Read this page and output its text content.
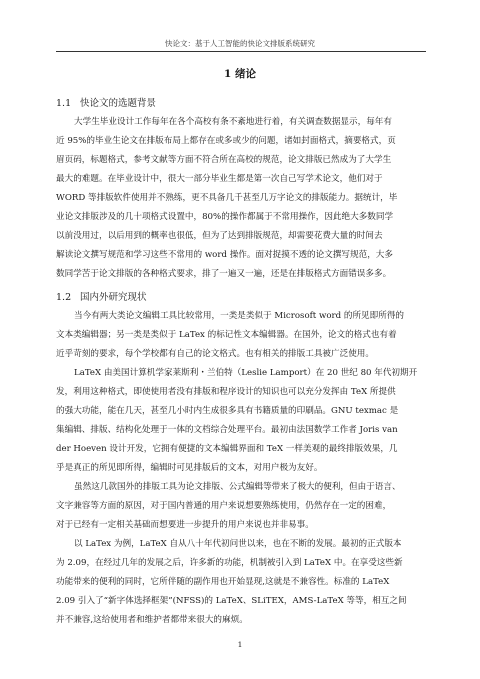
快论文：基于人工智能的快论文排版系统研究
1 绪论
1.1 快论文的选题背景

大学生毕业设计工作每年在各个高校有条不紊地进行着，有关调查数据显示，每年有
近 95%的毕业生论文在排版布局上都存在或多或少的问题，诸如封面格式，摘要格式，页
眉页码，标题格式，参考文献等方面不符合所在高校的规范，论文排版已然成为了大学生
最大的难题。在毕业设计中，很大一部分毕业生都是第一次自己写学术论文，他们对于
WORD 等排版软件使用并不熟练，更不具备几千甚至几万字论文的排版能力。据统计，毕
业论文排版涉及的几十项格式设置中，80%的操作都属于不常用操作，因此绝大多数同学
以前没用过，以后用到的概率也很低，但为了达到排版规范，却需要花费大量的时间去
解读论文撰写规范和学习这些不常用的 word 操作。面对捉摸不透的论文撰写规范，大多
数同学苦于论文排版的各种格式要求，排了一遍又一遍，还是在排版格式方面错误多多。

1.2 国内外研究现状

当今有两大类论文编辑工具比较常用，一类是类似于 Microsoft word 的所见即所得的
文本类编辑器；另一类是类似于 LaTex 的标记性文本编辑器。在国外，论文的格式也有着
近乎苛刻的要求，每个学校都有自己的论文格式。也有相关的排版工具被广泛使用。

LaTeX 由美国计算机学家莱斯利・兰伯特（Leslie Lamport）在 20 世纪 80 年代初期开
发，利用这种格式，即使使用者没有排版和程序设计的知识也可以充分发挥由 TeX 所提供
的强大功能，能在几天，甚至几小时内生成很多具有书籍质量的印刷品。GNU texmac 是
集编辑、排版、结构化处理于一体的文档综合处理平台。最初由法国数学工作者 Joris van
der Hoeven 设计开发，它拥有便捷的文本编辑界面和 TeX 一样美观的最终排版效果，几
乎是真正的所见即所得，编辑时可见排版后的文本，对用户极为友好。

虽然这几款国外的排版工具为论文排版、公式编辑等带来了极大的便利，但由于语言、
文字兼容等方面的原因，对于国内普通的用户来说想要熟练使用，仍然存在一定的困难，
对于已经有一定相关基础而想要进一步提升的用户来说也并非易事。

以 LaTex 为例，LaTeX 自从八十年代初问世以来，也在不断的发展。最初的正式版本
为 2.09，在经过几年的发展之后，许多新的功能，机制被引入到 LaTeX 中。在享受这些新
功能带来的便利的同时，它所伴随的副作用也开始显现,这就是不兼容性。标准的 LaTeX
2.09 引入了“新字体选择框架”(NFSS)的 LaTeX、SLiTEX，AMS-LaTeX 等等，相互之间
并不兼容,这给使用者和维护者都带来很大的麻烦。

1
